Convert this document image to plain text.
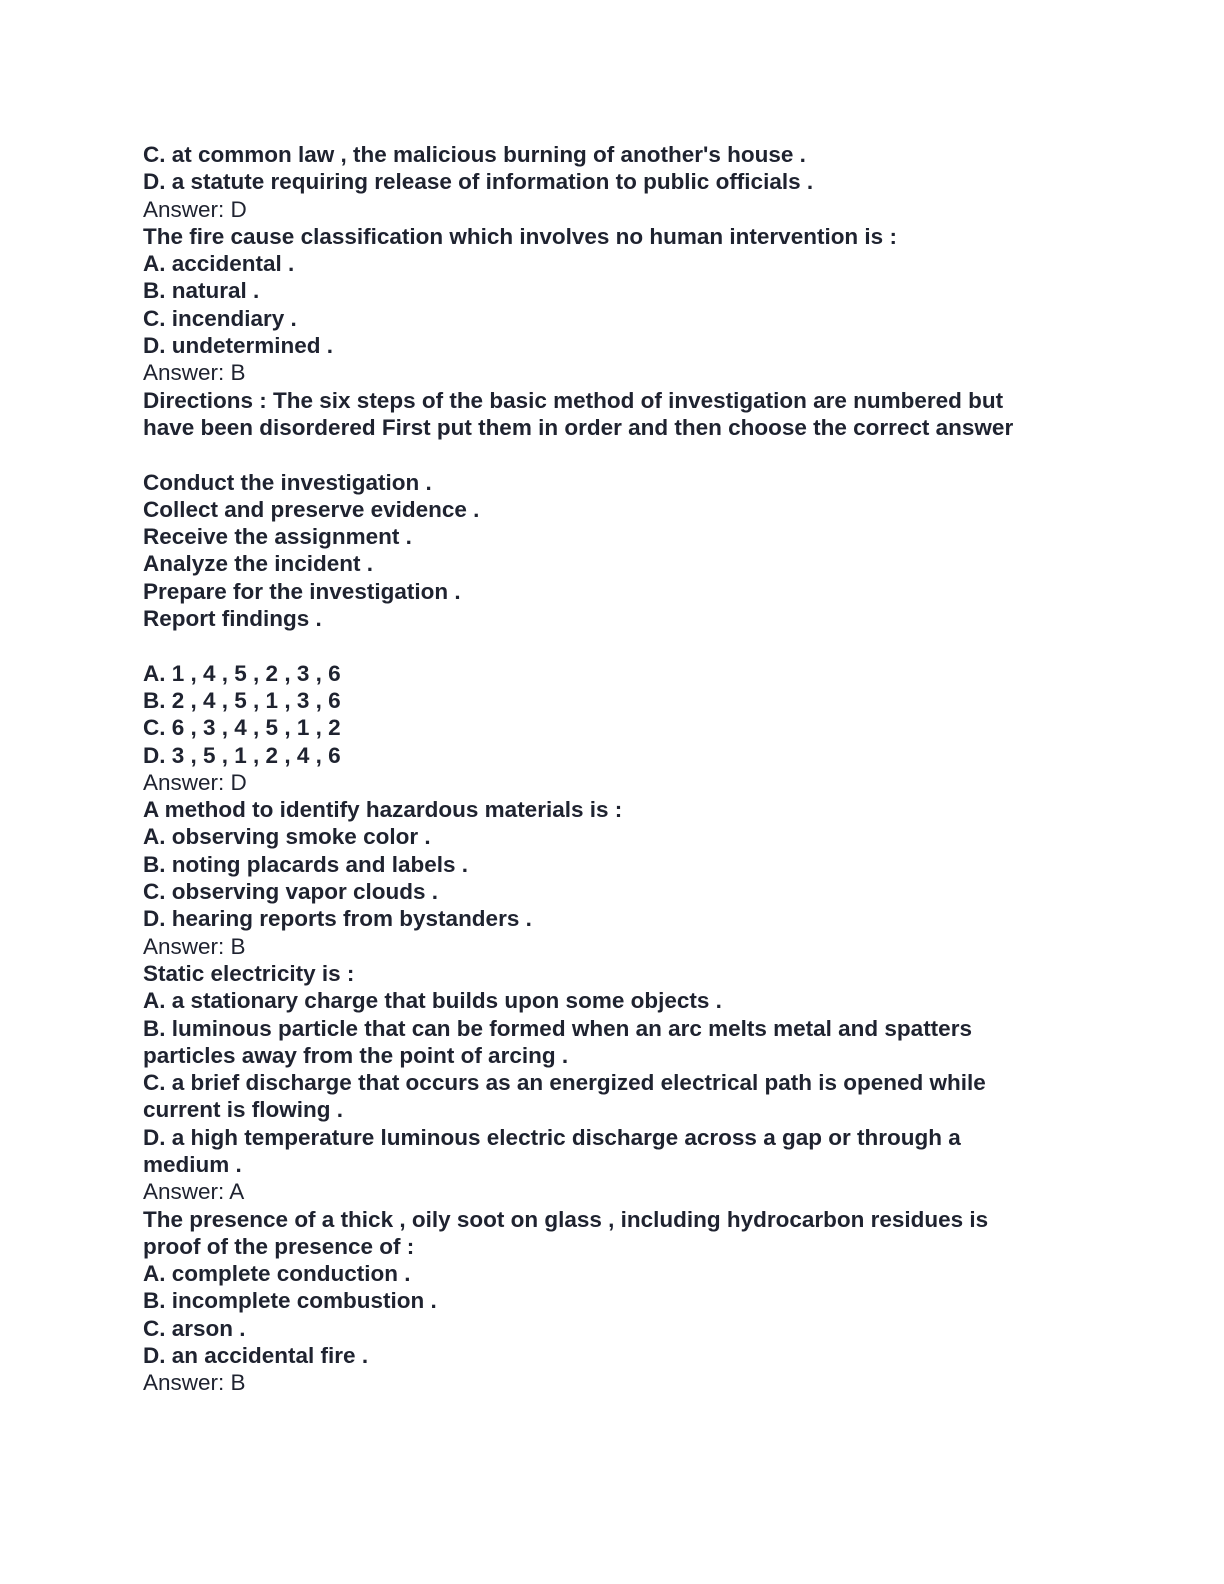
C. at common law , the malicious burning of another's house .
D. a statute requiring release of information to public officials .
Answer: D
The fire cause classification which involves no human intervention is :
A. accidental .
B. natural .
C. incendiary .
D. undetermined .
Answer: B
Directions : The six steps of the basic method of investigation are numbered but
have been disordered First put them in order and then choose the correct answer
Conduct the investigation .
Collect and preserve evidence .
Receive the assignment .
Analyze the incident .
Prepare for the investigation .
Report findings .
A. 1 , 4 , 5 , 2 , 3 , 6
B. 2 , 4 , 5 , 1 , 3 , 6
C. 6 , 3 , 4 , 5 , 1 , 2
D. 3 , 5 , 1 , 2 , 4 , 6
Answer: D
A method to identify hazardous materials is :
A. observing smoke color .
B. noting placards and labels .
C. observing vapor clouds .
D. hearing reports from bystanders .
Answer: B
Static electricity is :
A. a stationary charge that builds upon some objects .
B. luminous particle that can be formed when an arc melts metal and spatters
particles away from the point of arcing .
C. a brief discharge that occurs as an energized electrical path is opened while
current is flowing .
D. a high temperature luminous electric discharge across a gap or through a
medium .
Answer: A
The presence of a thick , oily soot on glass , including hydrocarbon residues is
proof of the presence of :
A. complete conduction .
B. incomplete combustion .
C. arson .
D. an accidental fire .
Answer: B
